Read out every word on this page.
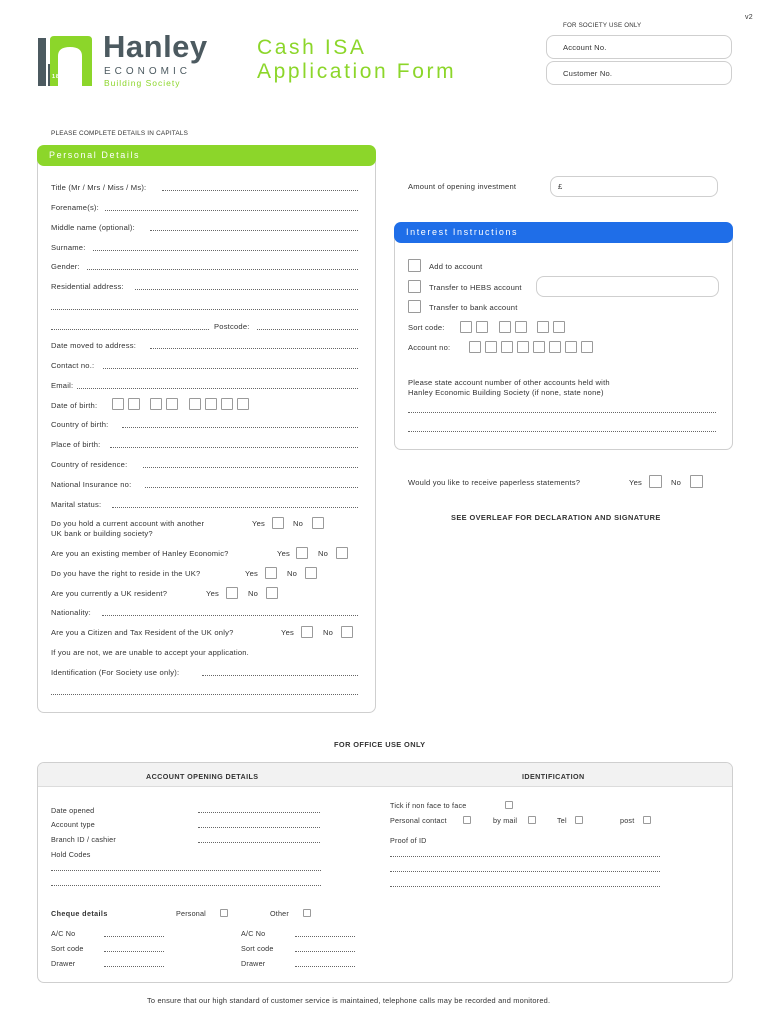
v2
1854
Hanley
ECONOMIC
Building Society
Cash ISA
Application Form
FOR SOCIETY USE ONLY
Account No.
Customer No.
PLEASE COMPLETE DETAILS IN CAPITALS
Personal Details
Title (Mr / Mrs / Miss / Ms):
Forename(s):
Middle name (optional):
Surname:
Gender:
Residential address:
Postcode:
Date moved to address:
Contact no.:
Email:
Date of birth:
Country of birth:
Place of birth:
Country of residence:
National Insurance no:
Marital status:
Do you hold a current account with another
UK bank or building society?
Yes	No
Are you an existing member of Hanley Economic?	Yes	No
Do you have the right to reside in the UK?	Yes	No
Are you currently a UK resident?	Yes	No
Nationality:
Are you a Citizen and Tax Resident of the UK only?	Yes	No
If you are not, we are unable to accept your application.
Identification (For Society use only):
Amount of opening investment	£
Interest Instructions
Add to account
Transfer to HEBS account
Transfer to bank account
Sort code:
Account no:
Please state account number of other accounts held with
Hanley Economic Building Society (if none, state none)
Would you like to receive paperless statements?	Yes	No
SEE OVERLEAF FOR DECLARATION AND SIGNATURE
FOR OFFICE USE ONLY
ACCOUNT OPENING DETAILS	IDENTIFICATION
Date opened
Account type
Branch ID / cashier
Hold Codes
Cheque details	Personal	Other
A/C No
Sort code
Drawer
A/C No
Sort code
Drawer
Tick if non face to face
Personal contact	by mail	Tel	post
Proof of ID
To ensure that our high standard of customer service is maintained, telephone calls may be recorded and monitored.
